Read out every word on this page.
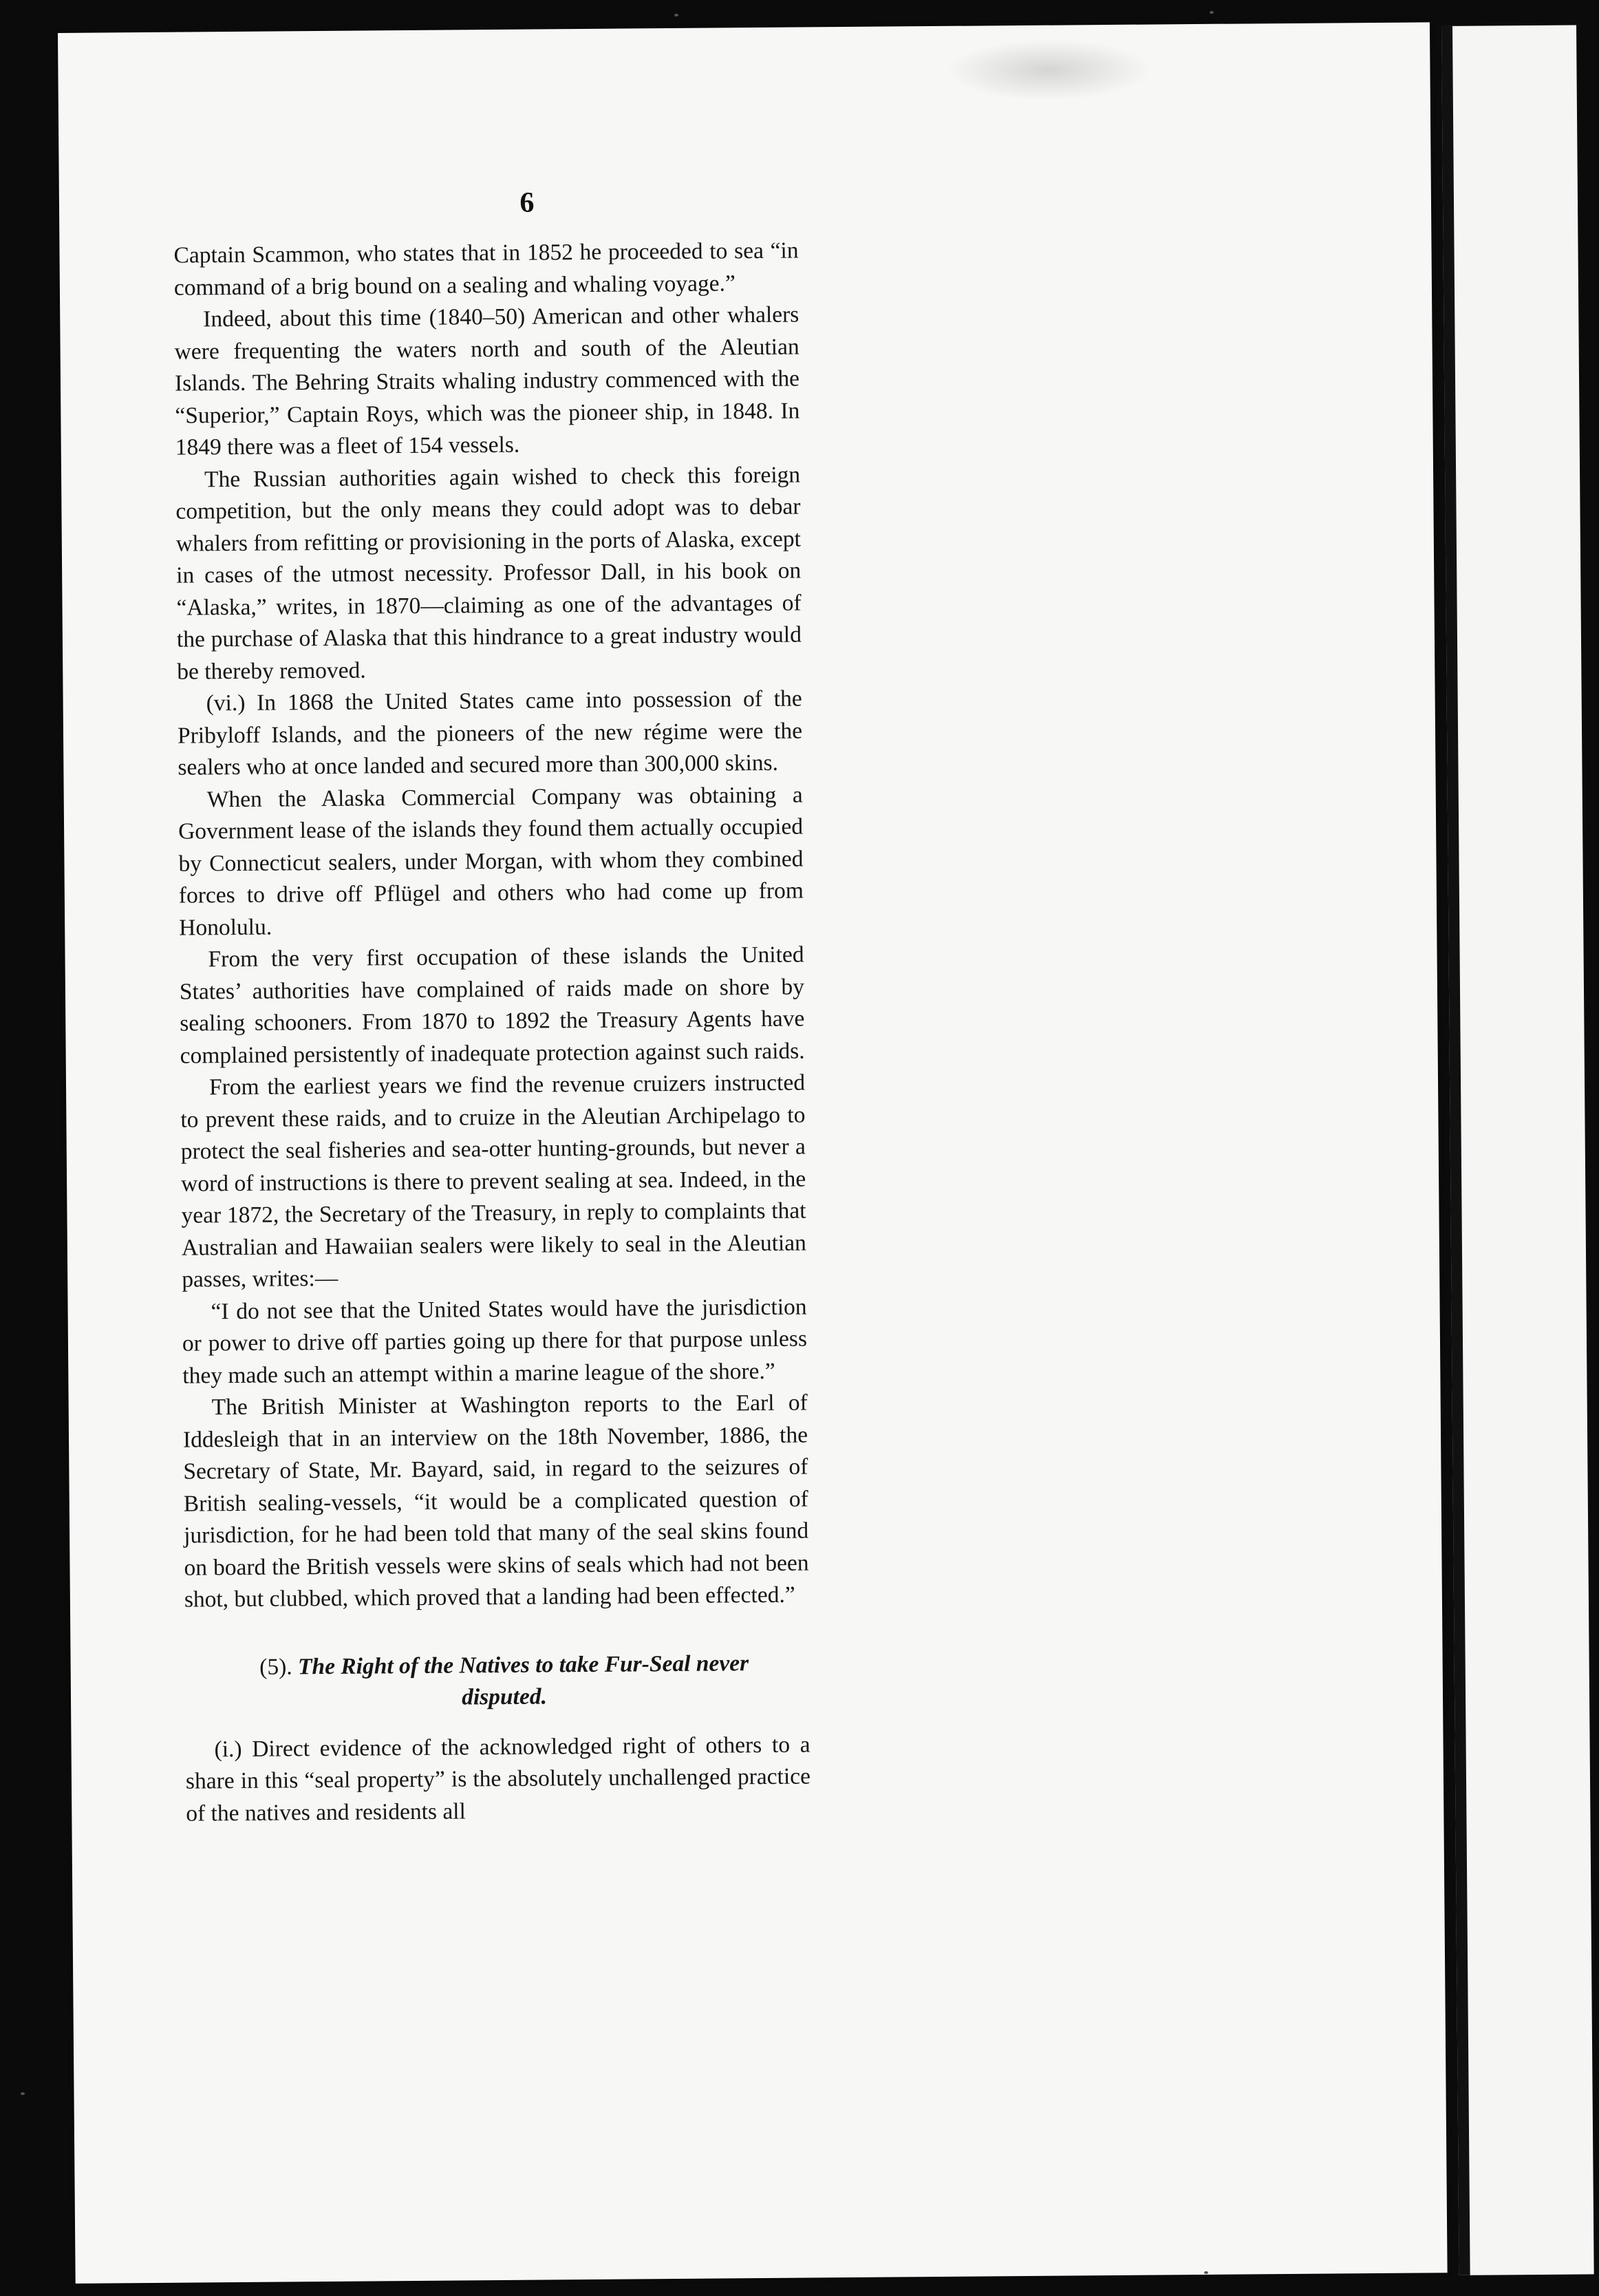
6

Captain Scammon, who states that in 1852 he proceeded to sea “in command of a brig bound on a sealing and whaling voyage.”

Indeed, about this time (1840–50) American and other whalers were frequenting the waters north and south of the Aleutian Islands. The Behring Straits whaling industry commenced with the “Superior,” Captain Roys, which was the pioneer ship, in 1848. In 1849 there was a fleet of 154 vessels.

The Russian authorities again wished to check this foreign competition, but the only means they could adopt was to debar whalers from refitting or provisioning in the ports of Alaska, except in cases of the utmost necessity. Professor Dall, in his book on “Alaska,” writes, in 1870—claiming as one of the advantages of the purchase of Alaska that this hindrance to a great industry would be thereby removed.

(vi.) In 1868 the United States came into possession of the Pribyloff Islands, and the pioneers of the new régime were the sealers who at once landed and secured more than 300,000 skins.

When the Alaska Commercial Company was obtaining a Government lease of the islands they found them actually occupied by Connecticut sealers, under Morgan, with whom they combined forces to drive off Pflügel and others who had come up from Honolulu.

From the very first occupation of these islands the United States’ authorities have complained of raids made on shore by sealing schooners. From 1870 to 1892 the Treasury Agents have complained persistently of inadequate protection against such raids.

From the earliest years we find the revenue cruizers instructed to prevent these raids, and to cruize in the Aleutian Archipelago to protect the seal fisheries and sea-otter hunting-grounds, but never a word of instructions is there to prevent sealing at sea. Indeed, in the year 1872, the Secretary of the Treasury, in reply to complaints that Australian and Hawaiian sealers were likely to seal in the Aleutian passes, writes:—

“I do not see that the United States would have the jurisdiction or power to drive off parties going up there for that purpose unless they made such an attempt within a marine league of the shore.”

The British Minister at Washington reports to the Earl of Iddesleigh that in an interview on the 18th November, 1886, the Secretary of State, Mr. Bayard, said, in regard to the seizures of British sealing-vessels, “it would be a complicated question of jurisdiction, for he had been told that many of the seal skins found on board the British vessels were skins of seals which had not been shot, but clubbed, which proved that a landing had been effected.”

(5). The Right of the Natives to take Fur-Seal never disputed.

(i.) Direct evidence of the acknowledged right of others to a share in this “seal property” is the absolutely unchallenged practice of the natives and residents all
